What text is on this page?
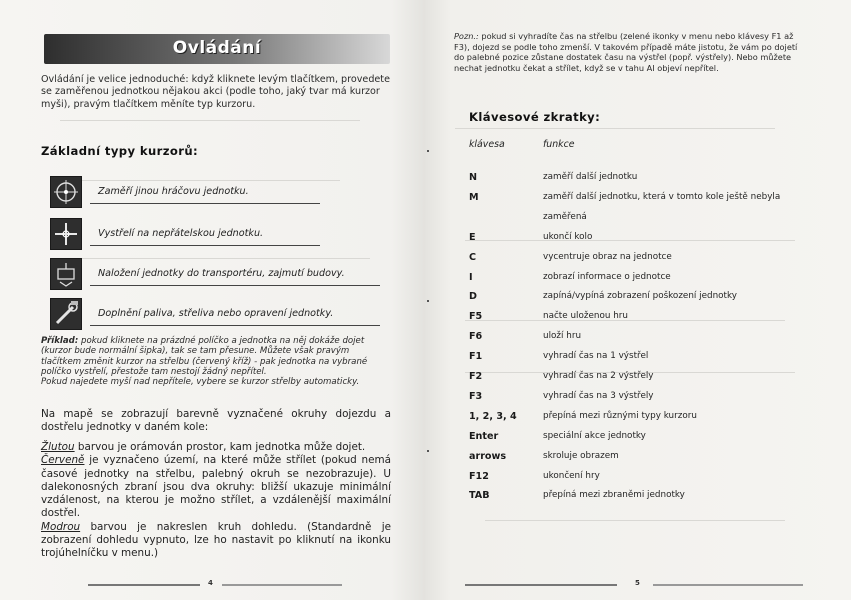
Ovládání
Ovládání je velice jednoduché: když kliknete levým tlačítkem, provedete se zaměřenou jednotkou nějakou akci (podle toho, jaký tvar má kurzor myši), pravým tlačítkem měníte typ kurzoru.
Základní typy kurzorů:
Zaměří jinou hráčovu jednotku.
Vystřelí na nepřátelskou jednotku.
Naložení jednotky do transportéru, zajmutí budovy.
Doplnění paliva, střeliva nebo opravení jednotky.
Příklad: pokud kliknete na prázdné políčko a jednotka na něj dokáže dojet (kurzor bude normální šipka), tak se tam přesune. Můžete však pravým tlačítkem změnit kurzor na střelbu (červený kříž) - pak jednotka na vybrané políčko vystřelí, přestože tam nestojí žádný nepřítel.
Pokud najedete myší nad nepřítele, vybere se kurzor střelby automaticky.
Na mapě se zobrazují barevně vyznačené okruhy dojezdu a dostřelu jednotky v daném kole:
Žlutou barvou je orámován prostor, kam jednotka může dojet.
Červeně je vyznačeno území, na které může střílet (pokud nemá časové jednotky na střelbu, palebný okruh se nezobrazuje). U dalekonosných zbraní jsou dva okruhy: bližší ukazuje minimální vzdálenost, na kterou je možno střílet, a vzdálenější maximální dostřel.
Modrou barvou je nakreslen kruh dohledu. (Standardně je zobrazení dohledu vypnuto, lze ho nastavit po kliknutí na ikonku trojúhelníčku v menu.)
4
Pozn.: pokud si vyhradíte čas na střelbu (zelené ikonky v menu nebo klávesy F1 až F3), dojezd se podle toho zmenší. V takovém případě máte jistotu, že vám po dojetí do palebné pozice zůstane dostatek času na výstřel (popř. výstřely). Nebo můžete nechat jednotku čekat a střílet, když se v tahu AI objeví nepřítel.
Klávesové zkratky:
klávesa	funkce
N	zaměří další jednotku
M	zaměří další jednotku, která v tomto kole ještě nebyla
zaměřená
E	ukončí kolo
C	vycentruje obraz na jednotce
I	zobrazí informace o jednotce
D	zapíná/vypíná zobrazení poškození jednotky
F5	načte uloženou hru
F6	uloží hru
F1	vyhradí čas na 1 výstřel
F2	vyhradí čas na 2 výstřely
F3	vyhradí čas na 3 výstřely
1, 2, 3, 4	přepíná mezi různými typy kurzoru
Enter	speciální akce jednotky
arrows	skroluje obrazem
F12	ukončení hry
TAB	přepíná mezi zbraněmi jednotky
5
